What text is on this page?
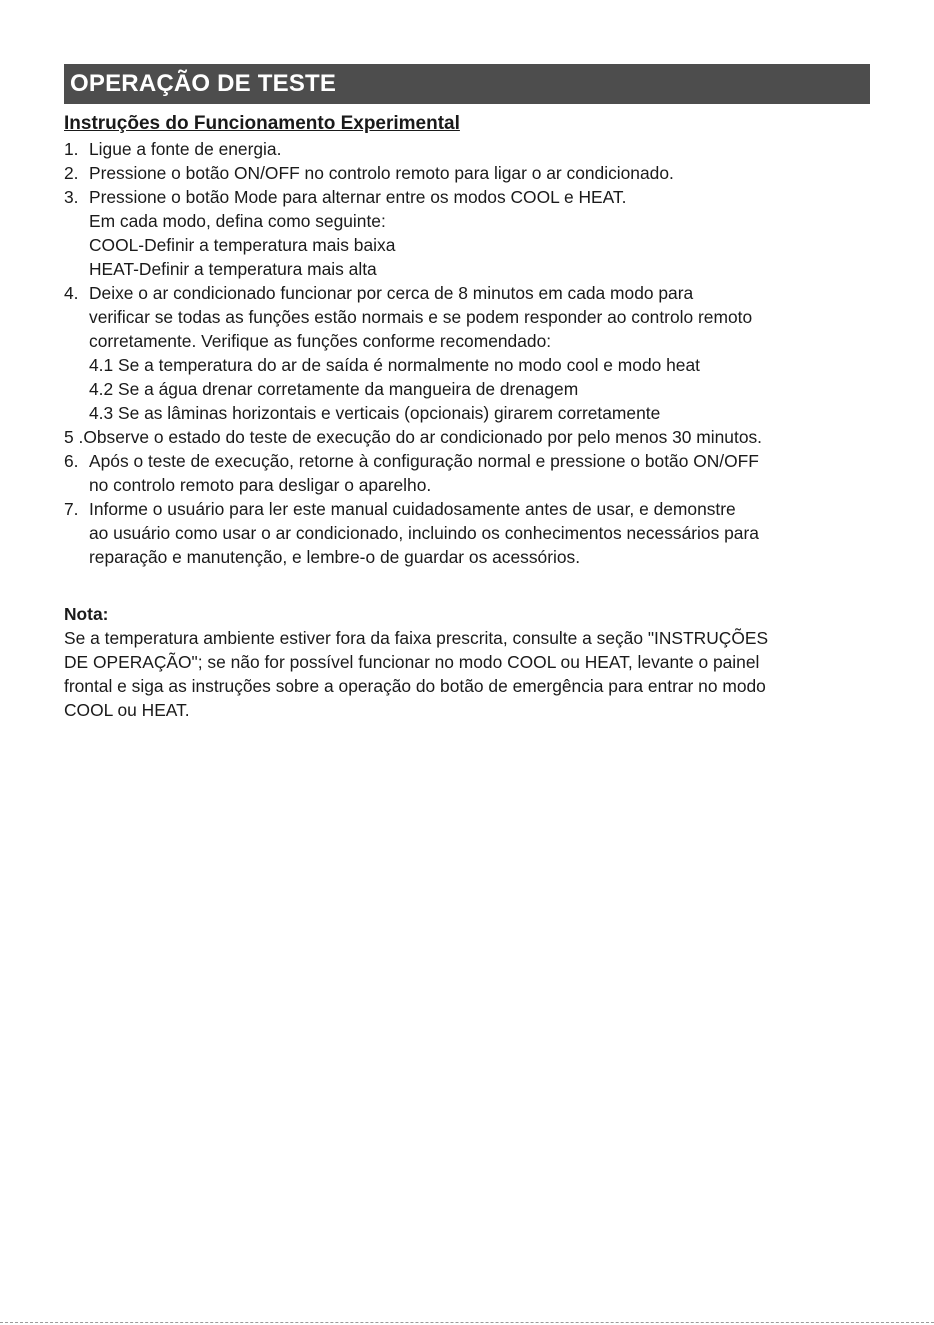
OPERAÇÃO DE TESTE
Instruções do Funcionamento Experimental
1. Ligue a fonte de energia.
2. Pressione o botão ON/OFF no controlo remoto para ligar o ar condicionado.
3. Pressione o botão Mode para alternar entre os modos COOL e HEAT.
Em cada modo, defina como seguinte:
COOL-Definir a temperatura mais baixa
HEAT-Definir a temperatura mais alta
4. Deixe o ar condicionado funcionar por cerca de 8 minutos em cada modo para
verificar se todas as funções estão normais e se podem responder ao controlo remoto
corretamente. Verifique as funções conforme recomendado:
4.1 Se a temperatura do ar de saída é normalmente no modo cool e modo heat
4.2 Se a água drenar corretamente da mangueira de drenagem
4.3 Se as lâminas horizontais e verticais (opcionais) girarem corretamente
5 . Observe o estado do teste de execução do ar condicionado por pelo menos 30 minutos.
6. Após o teste de execução, retorne à configuração normal e pressione o botão ON/OFF
no controlo remoto para desligar o aparelho.
7. Informe o usuário para ler este manual cuidadosamente antes de usar, e demonstre
ao usuário como usar o ar condicionado, incluindo os conhecimentos necessários para
reparação e manutenção, e lembre-o de guardar os acessórios.
Nota:
Se a temperatura ambiente estiver fora da faixa prescrita, consulte a seção "INSTRUÇÕES
DE OPERAÇÃO"; se não for possível funcionar no modo COOL ou HEAT, levante o painel
frontal e siga as instruções sobre a operação do botão de emergência para entrar no modo
COOL ou HEAT.
